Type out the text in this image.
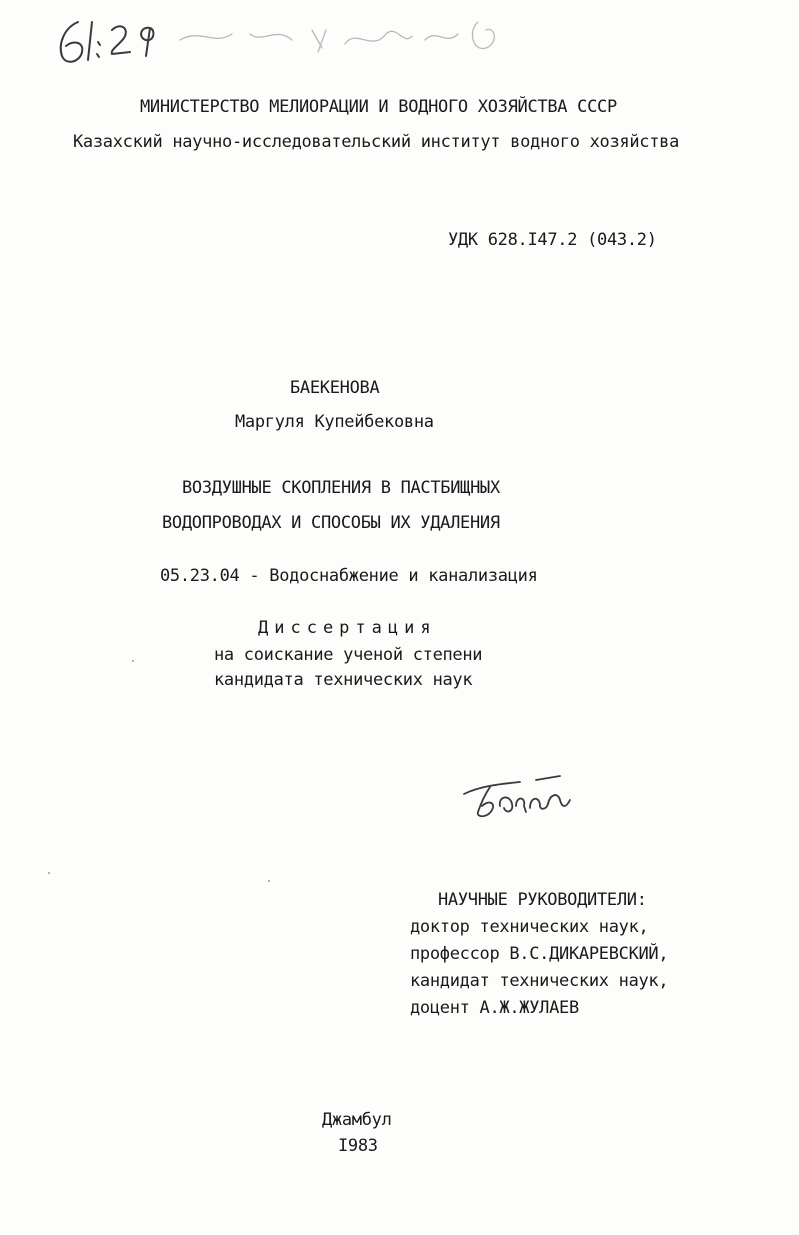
МИНИСТЕРСТВО МЕЛИОРАЦИИ И ВОДНОГО ХОЗЯЙСТВА СССР
Казахский научно-исследовательский институт водного хозяйства
УДК 628.I47.2 (043.2)
БАЕКЕНОВА
Маргуля Купейбековна
ВОЗДУШНЫЕ СКОПЛЕНИЯ В ПАСТБИЩНЫХ
ВОДОПРОВОДАХ И СПОСОБЫ ИХ УДАЛЕНИЯ
05.23.04 - Водоснабжение и канализация
Диссертация
на соискание ученой степени
кандидата технических наук
НАУЧНЫЕ РУКОВОДИТЕЛИ:
доктор технических наук,
профессор В.С.ДИКАРЕВСКИЙ,
кандидат технических наук,
доцент А.Ж.ЖУЛАЕВ
Джамбул
I983
